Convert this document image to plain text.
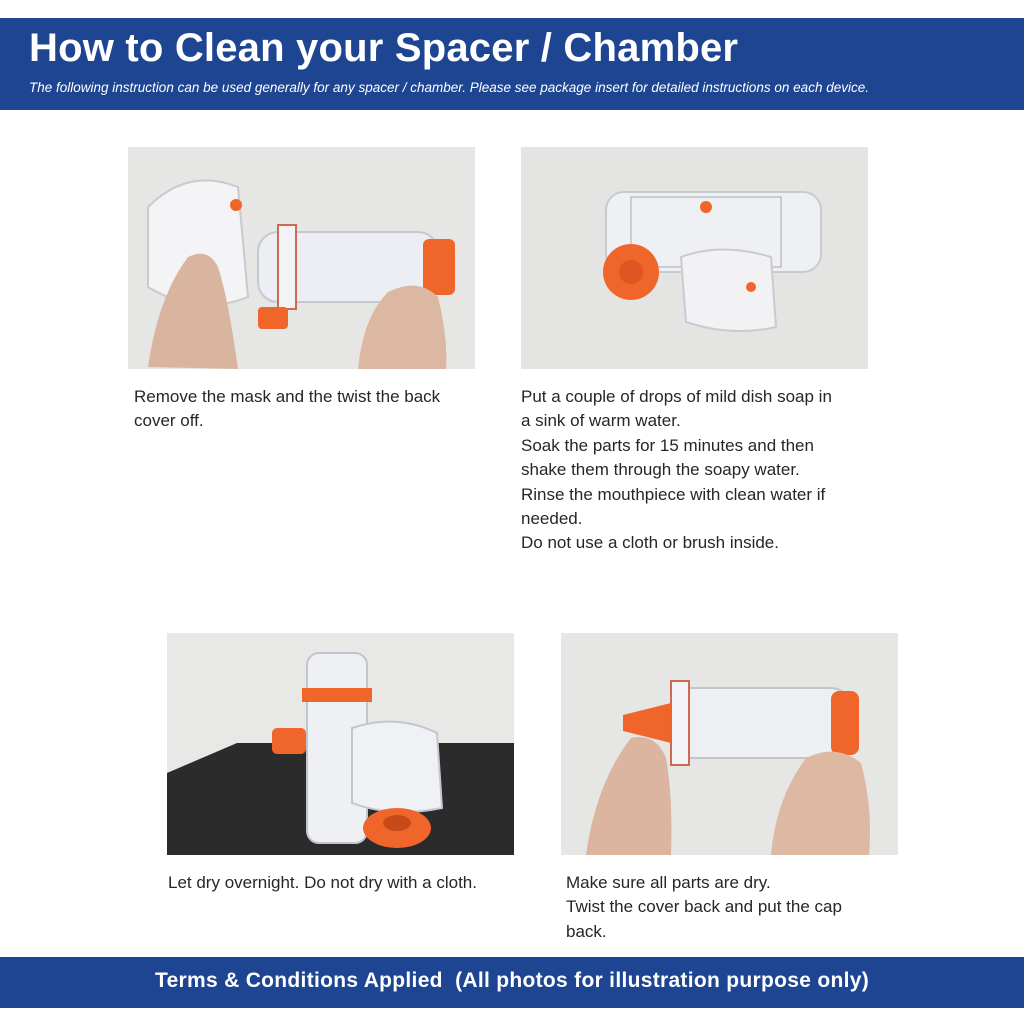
How to Clean your Spacer / Chamber
The following instruction can be used generally for any spacer / chamber. Please see package insert for detailed instructions on each device.

Remove the mask and the twist the back

cover off.

Put a couple of drops of mild dish soap in

a sink of warm water.

Soak the parts for 15 minutes and then

shake them through the soapy water.

Rinse the mouthpiece with clean water if

needed.

Do not use a cloth or brush inside.

Let dry overnight. Do not dry with a cloth.	Make sure all parts are dry.

Twist the cover back and put the cap

back.

Terms & Conditions Applied  (All photos for illustration purpose only)
